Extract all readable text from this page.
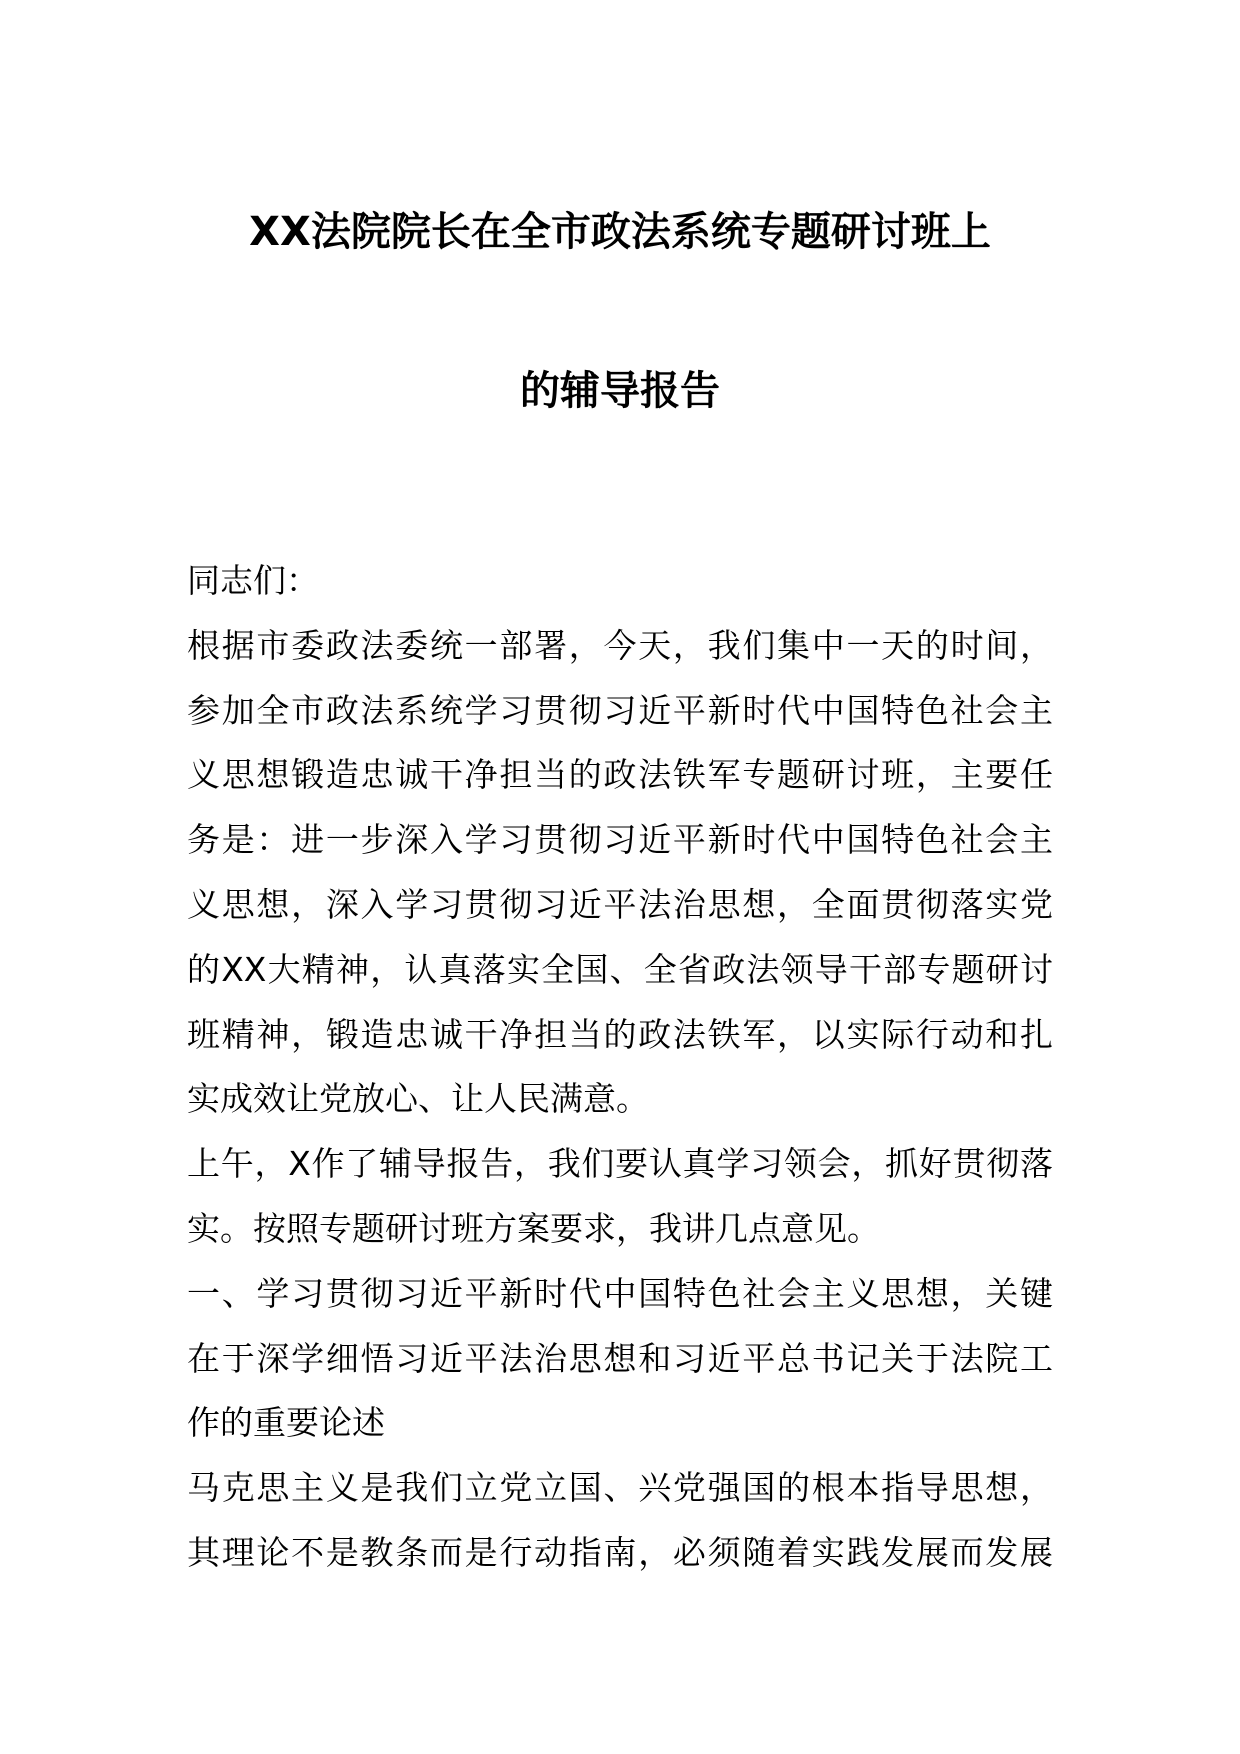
XX法院院长在全市政法系统专题研讨班上
的辅导报告
同志们：
根据市委政法委统一部署，今天，我们集中一天的时间，
参加全市政法系统学习贯彻习近平新时代中国特色社会主
义思想锻造忠诚干净担当的政法铁军专题研讨班，主要任
务是：进一步深入学习贯彻习近平新时代中国特色社会主
义思想，深入学习贯彻习近平法治思想，全面贯彻落实党
的XX大精神，认真落实全国、全省政法领导干部专题研讨
班精神，锻造忠诚干净担当的政法铁军，以实际行动和扎
实成效让党放心、让人民满意。
上午，X作了辅导报告，我们要认真学习领会，抓好贯彻落
实。按照专题研讨班方案要求，我讲几点意见。
一、学习贯彻习近平新时代中国特色社会主义思想，关键
在于深学细悟习近平法治思想和习近平总书记关于法院工
作的重要论述
马克思主义是我们立党立国、兴党强国的根本指导思想，
其理论不是教条而是行动指南，必须随着实践发展而发展
